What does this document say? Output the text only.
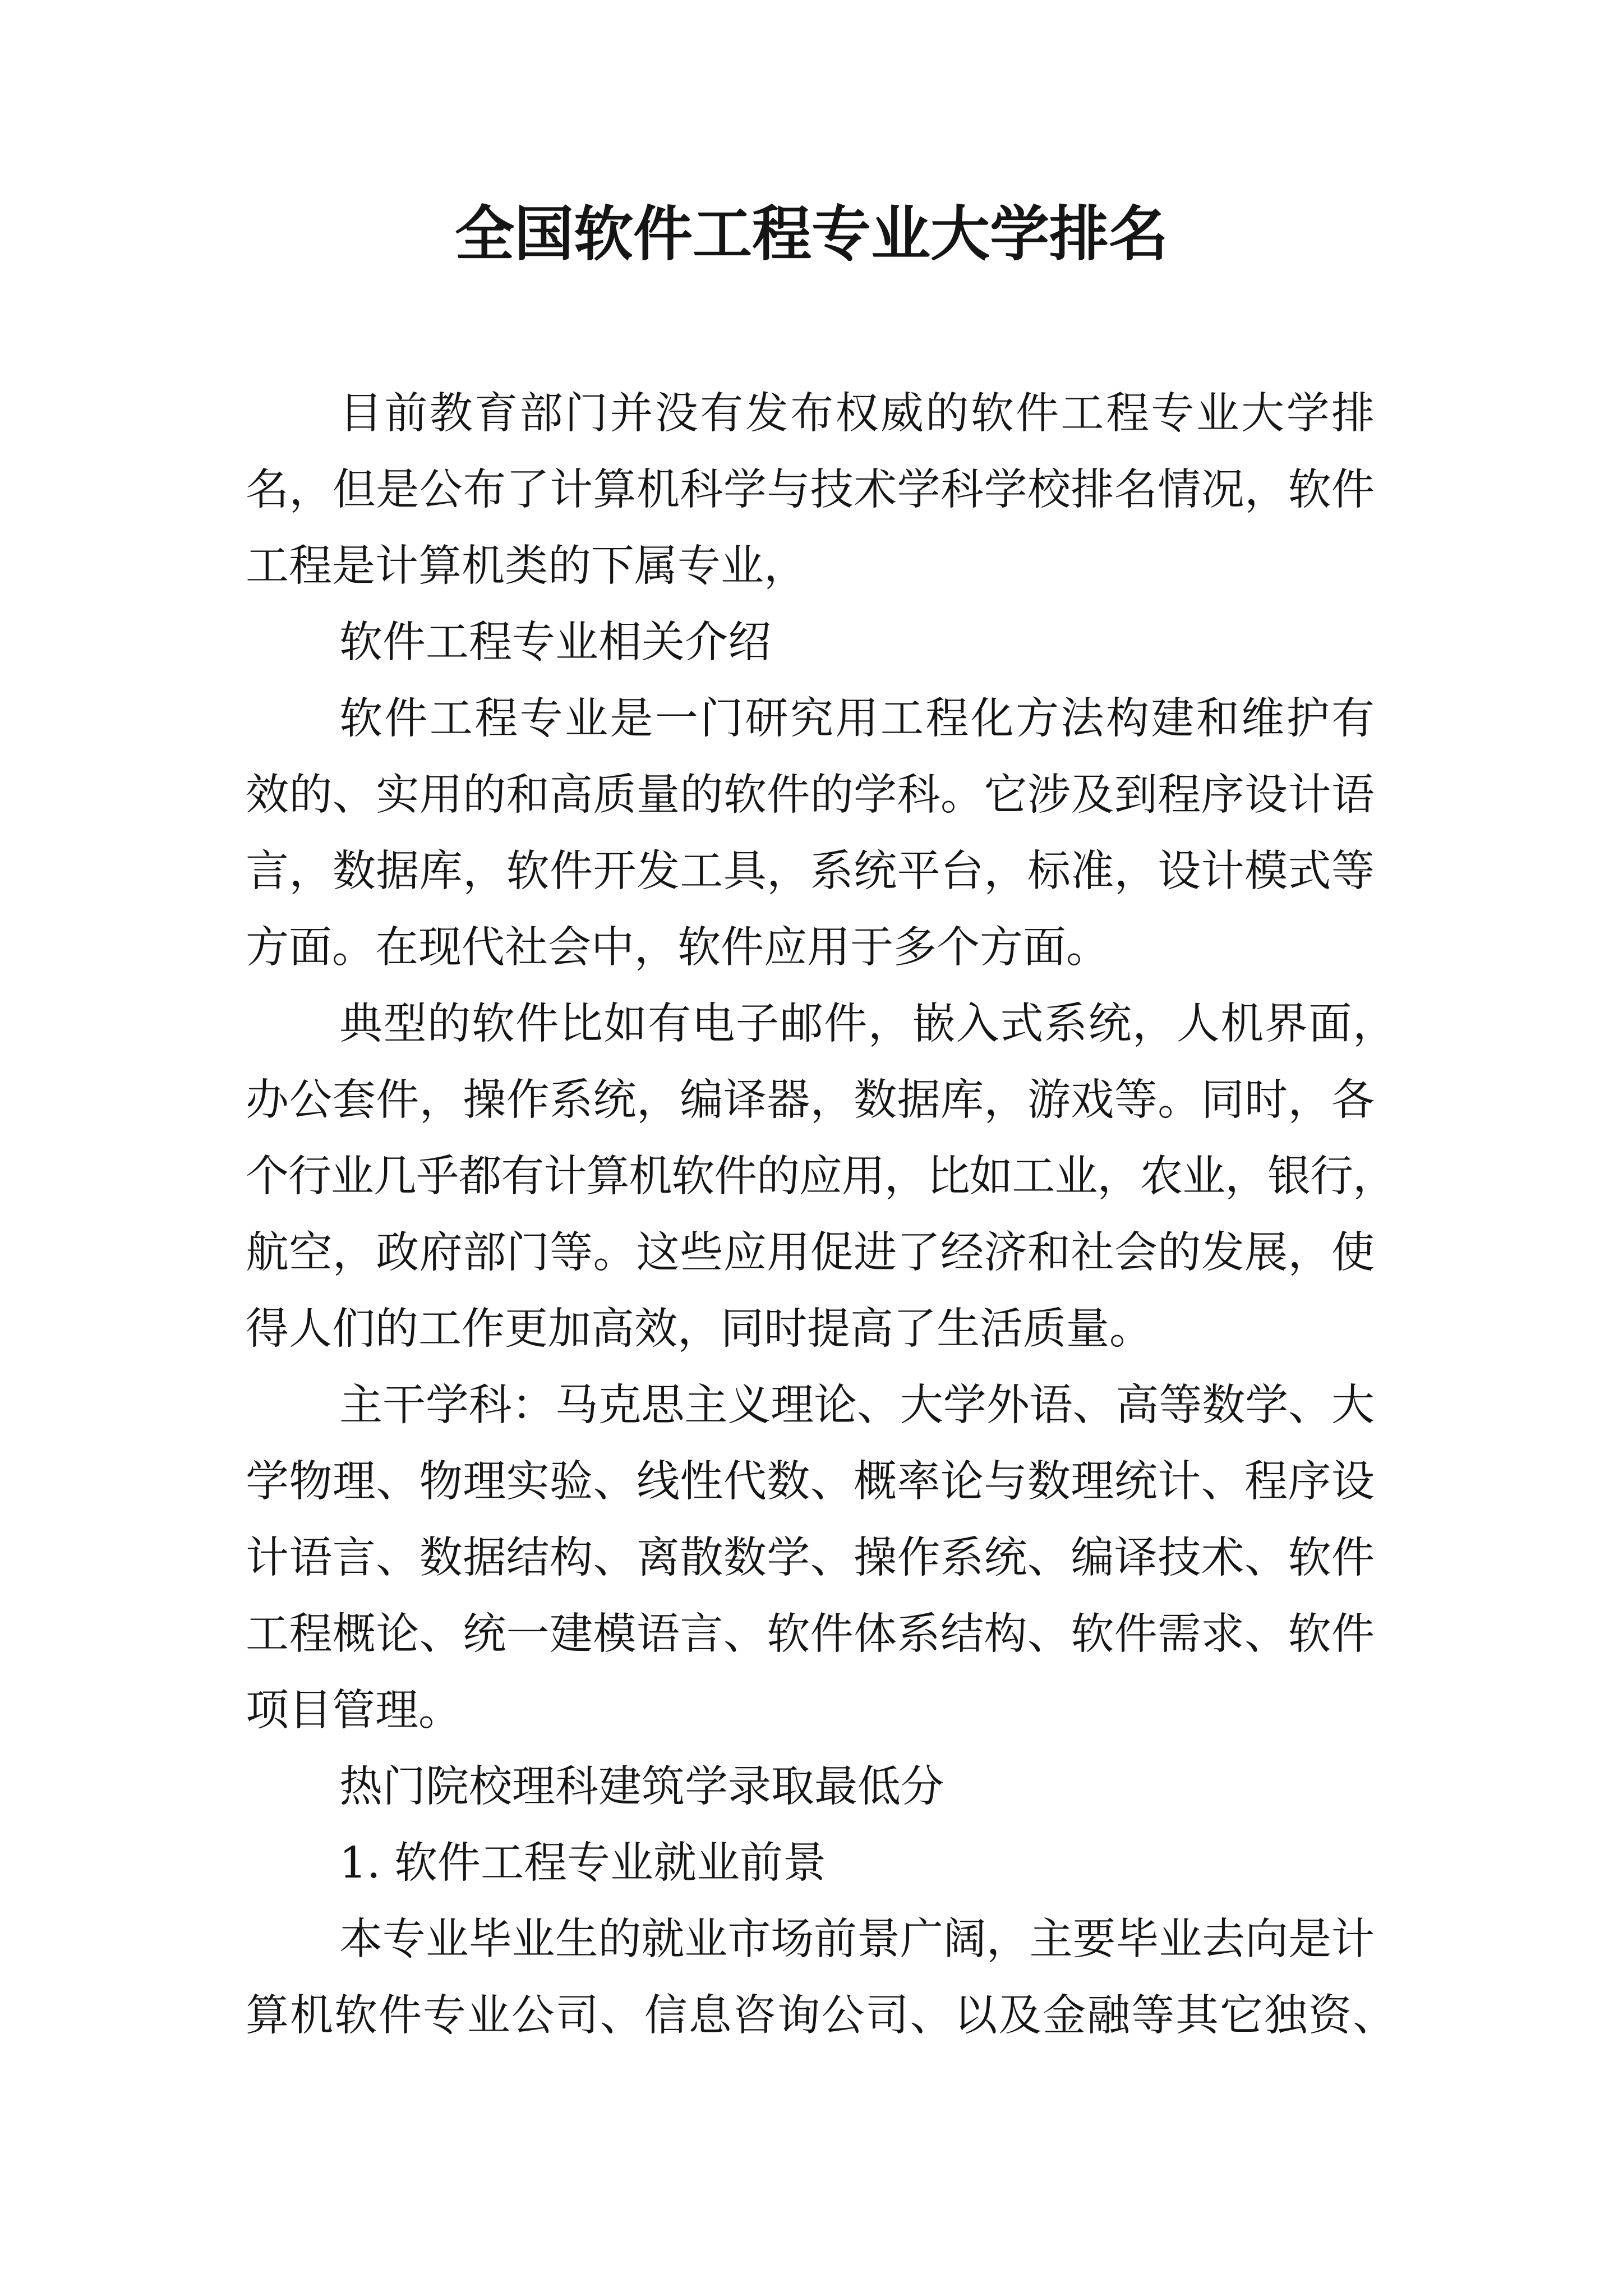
全国软件工程专业大学排名
目前教育部门并没有发布权威的软件工程专业大学排
名，但是公布了计算机科学与技术学科学校排名情况，软件
工程是计算机类的下属专业，
软件工程专业相关介绍
软件工程专业是一门研究用工程化方法构建和维护有
效的、实用的和高质量的软件的学科。它涉及到程序设计语
言，数据库，软件开发工具，系统平台，标准，设计模式等
方面。在现代社会中，软件应用于多个方面。
典型的软件比如有电子邮件，嵌入式系统，人机界面，
办公套件，操作系统，编译器，数据库，游戏等。同时，各
个行业几乎都有计算机软件的应用，比如工业，农业，银行，
航空，政府部门等。这些应用促进了经济和社会的发展，使
得人们的工作更加高效，同时提高了生活质量。
主干学科：马克思主义理论、大学外语、高等数学、大
学物理、物理实验、线性代数、概率论与数理统计、程序设
计语言、数据结构、离散数学、操作系统、编译技术、软件
工程概论、统一建模语言、软件体系结构、软件需求、软件
项目管理。
热门院校理科建筑学录取最低分
1. 软件工程专业就业前景
本专业毕业生的就业市场前景广阔，主要毕业去向是计
算机软件专业公司、信息咨询公司、以及金融等其它独资、
